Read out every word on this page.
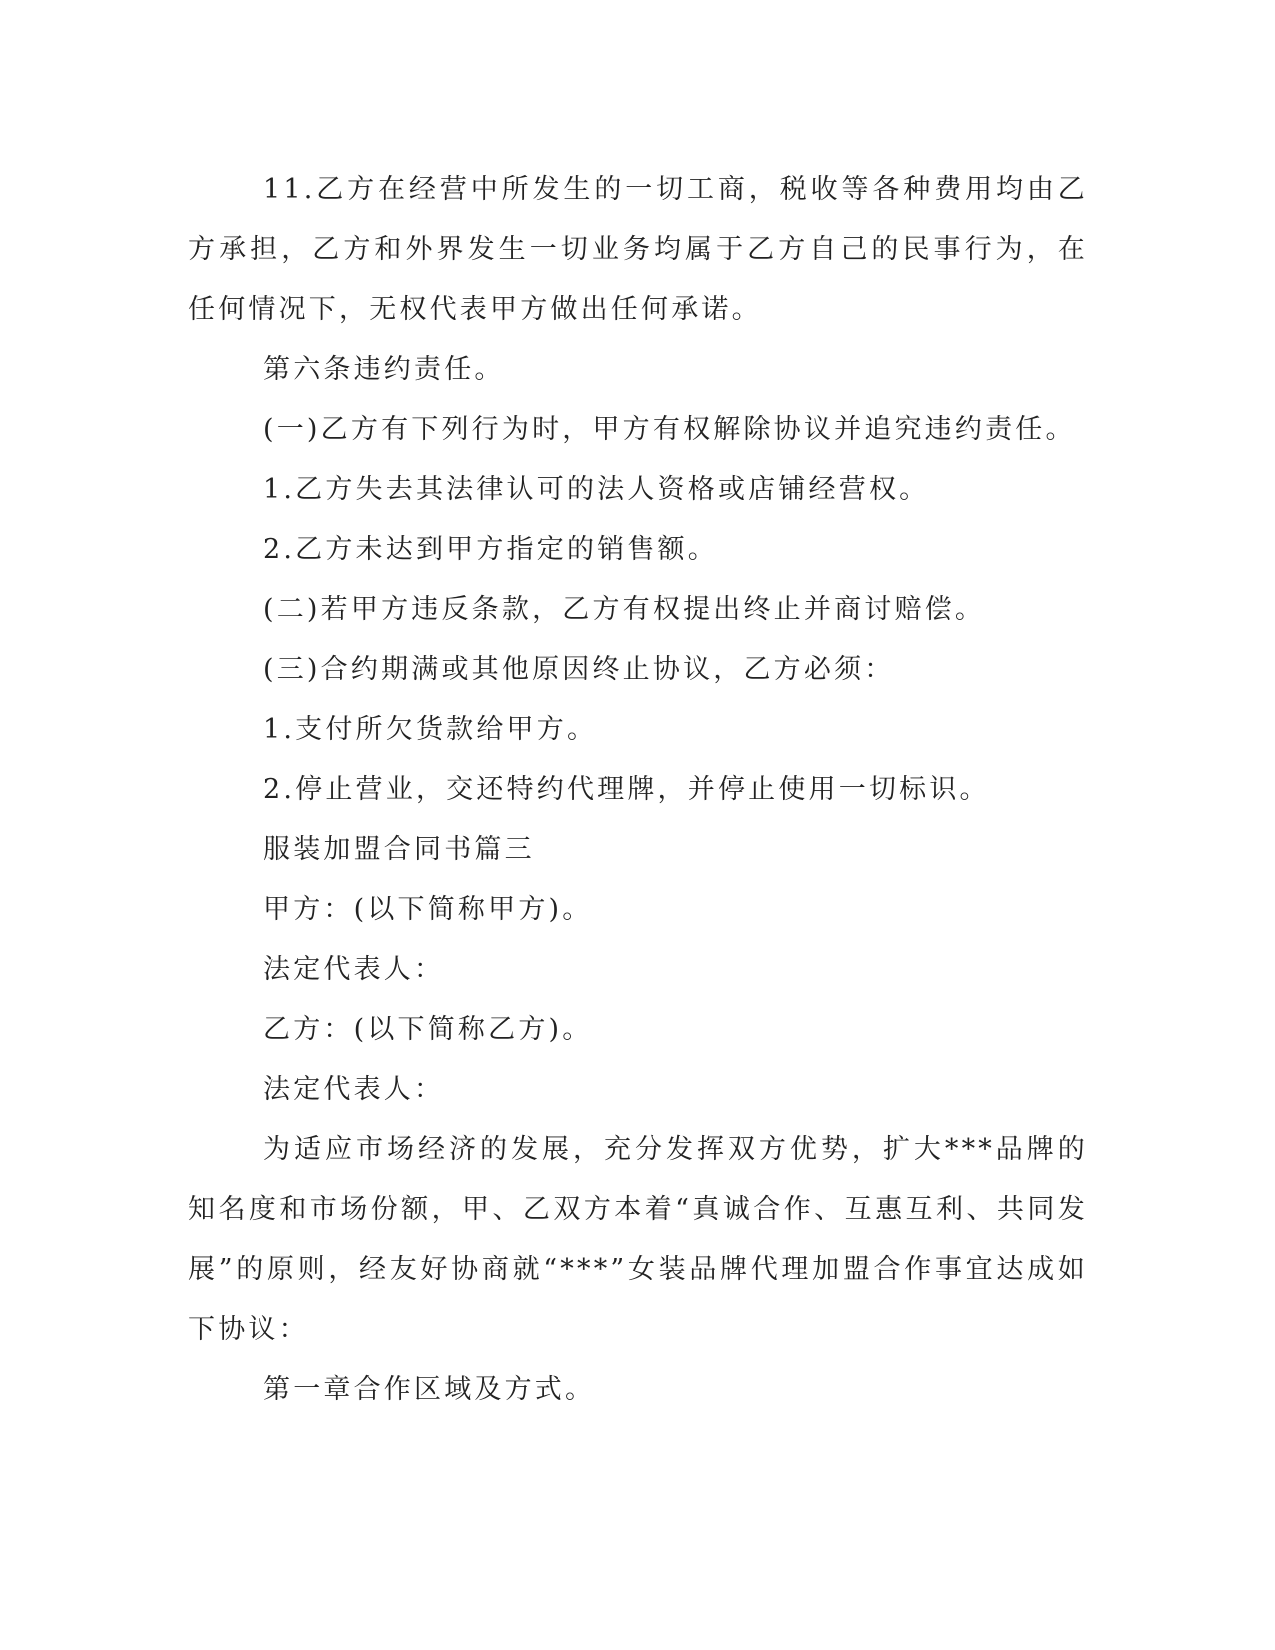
11.乙方在经营中所发生的一切工商，税收等各种费用均由乙方承担，乙方和外界发生一切业务均属于乙方自己的民事行为，在任何情况下，无权代表甲方做出任何承诺。

第六条违约责任。

(一)乙方有下列行为时，甲方有权解除协议并追究违约责任。

1.乙方失去其法律认可的法人资格或店铺经营权。

2.乙方未达到甲方指定的销售额。

(二)若甲方违反条款，乙方有权提出终止并商讨赔偿。

(三)合约期满或其他原因终止协议，乙方必须：

1.支付所欠货款给甲方。

2.停止营业，交还特约代理牌，并停止使用一切标识。

服装加盟合同书篇三

甲方：(以下简称甲方)。

法定代表人：

乙方：(以下简称乙方)。

法定代表人：

为适应市场经济的发展，充分发挥双方优势，扩大***品牌的知名度和市场份额，甲、乙双方本着“真诚合作、互惠互利、共同发展”的原则，经友好协商就“***”女装品牌代理加盟合作事宜达成如下协议：

第一章合作区域及方式。
